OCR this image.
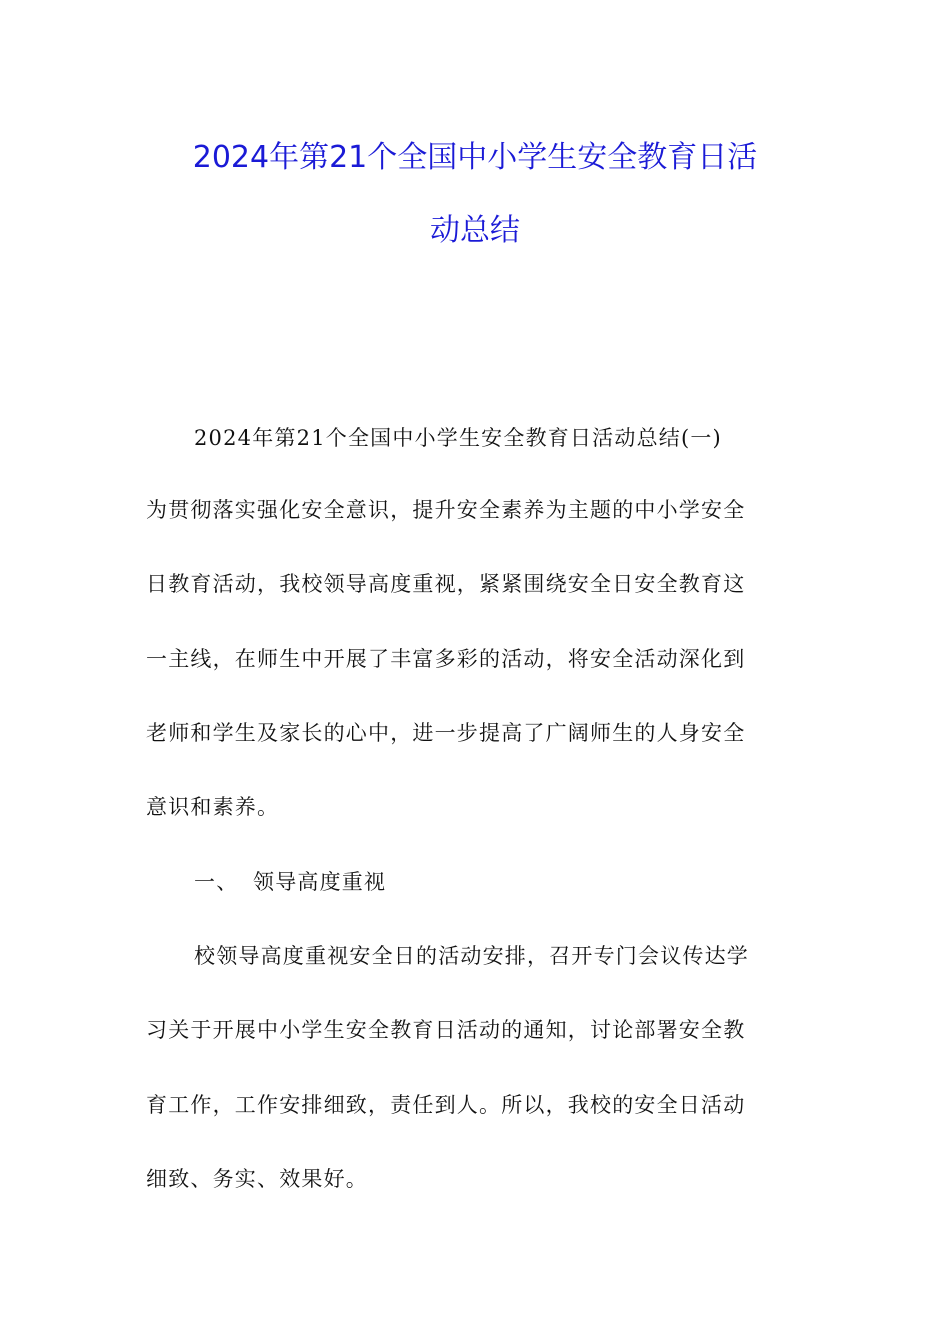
2024年第21个全国中小学生安全教育日活
动总结

2024年第21个全国中小学生安全教育日活动总结(一)

为贯彻落实强化安全意识，提升安全素养为主题的中小学安全

日教育活动，我校领导高度重视，紧紧围绕安全日安全教育这

一主线，在师生中开展了丰富多彩的活动，将安全活动深化到

老师和学生及家长的心中，进一步提高了广阔师生的人身安全

意识和素养。

一、 领导高度重视

校领导高度重视安全日的活动安排，召开专门会议传达学

习关于开展中小学生安全教育日活动的通知，讨论部署安全教

育工作，工作安排细致，责任到人。所以，我校的安全日活动

细致、务实、效果好。
